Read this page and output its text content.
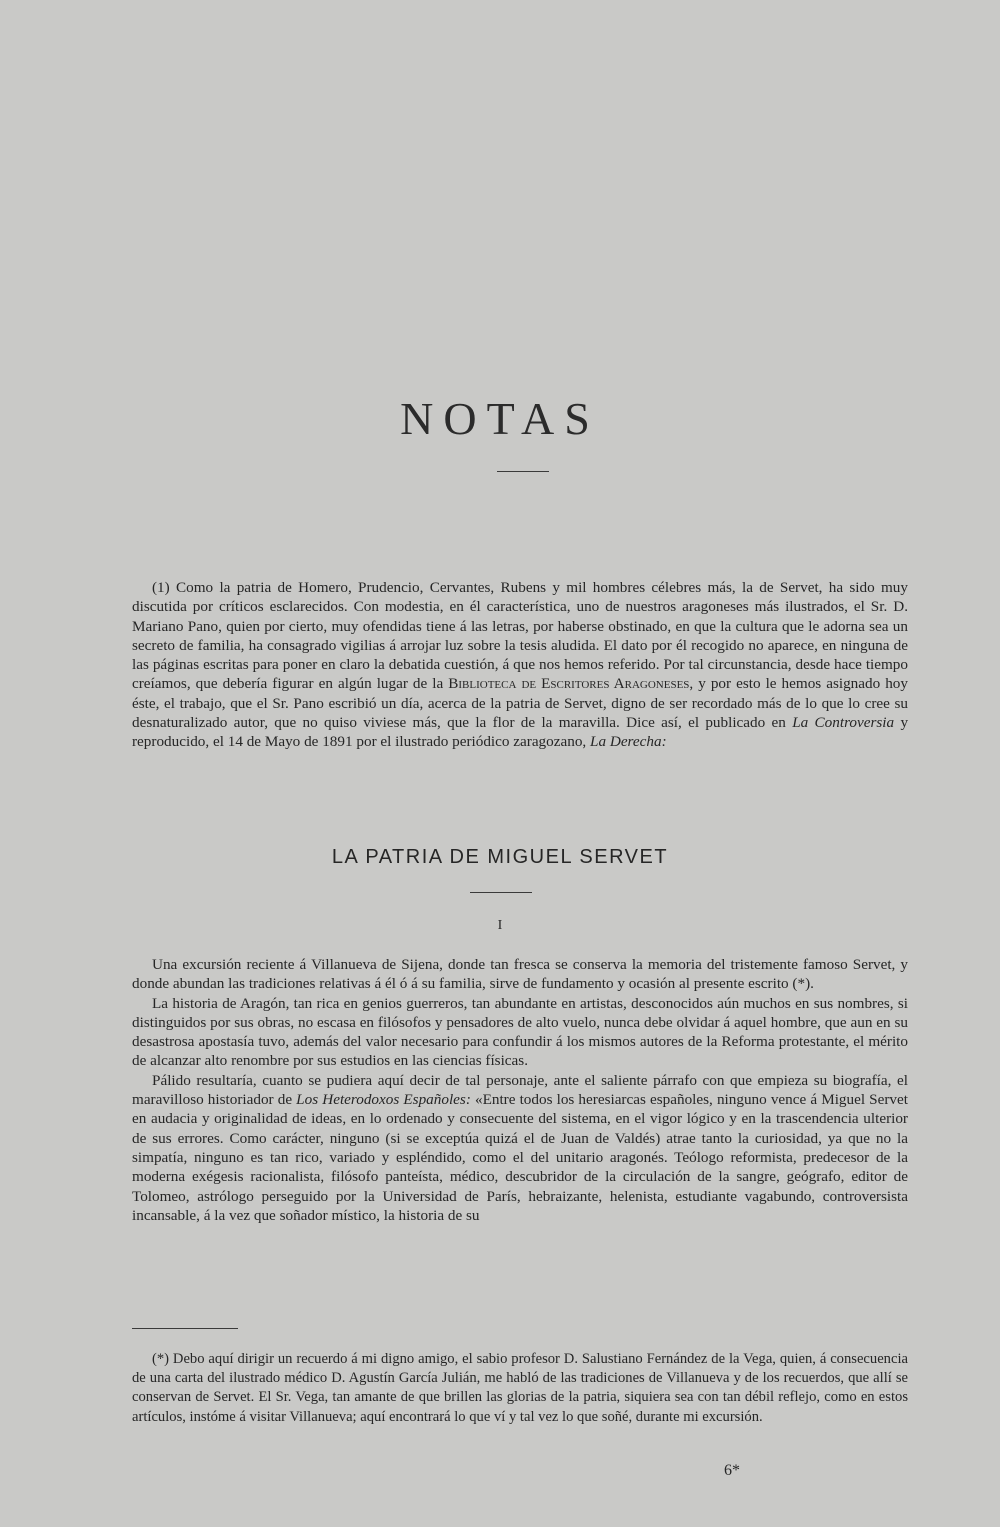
NOTAS

(1) Como la patria de Homero, Prudencio, Cervantes, Rubens y mil hombres célebres más, la de Servet, ha sido muy discutida por críticos esclarecidos. Con modestia, en él característica, uno de nuestros aragoneses más ilustrados, el Sr. D. Mariano Pano, quien por cierto, muy ofendidas tiene á las letras, por haberse obstinado, en que la cultura que le adorna sea un secreto de familia, ha consagrado vigilias á arrojar luz sobre la tesis aludida. El dato por él recogido no aparece, en ninguna de las páginas escritas para poner en claro la debatida cuestión, á que nos hemos referido. Por tal circunstancia, desde hace tiempo creíamos, que debería figurar en algún lugar de la Biblioteca de Escritores Aragoneses, y por esto le hemos asignado hoy éste, el trabajo, que el Sr. Pano escribió un día, acerca de la patria de Servet, digno de ser recordado más de lo que lo cree su desnaturalizado autor, que no quiso viviese más, que la flor de la maravilla. Dice así, el publicado en La Controversia y reproducido, el 14 de Mayo de 1891 por el ilustrado periódico zaragozano, La Derecha:

LA PATRIA DE MIGUEL SERVET
I

Una excursión reciente á Villanueva de Sijena, donde tan fresca se conserva la memoria del tristemente famoso Servet, y donde abundan las tradiciones relativas á él ó á su familia, sirve de fundamento y ocasión al presente escrito (*).

La historia de Aragón, tan rica en genios guerreros, tan abundante en artistas, desconocidos aún muchos en sus nombres, si distinguidos por sus obras, no escasa en filósofos y pensadores de alto vuelo, nunca debe olvidar á aquel hombre, que aun en su desastrosa apostasía tuvo, además del valor necesario para confundir á los mismos autores de la Reforma protestante, el mérito de alcanzar alto renombre por sus estudios en las ciencias físicas.

Pálido resultaría, cuanto se pudiera aquí decir de tal personaje, ante el saliente párrafo con que empieza su biografía, el maravilloso historiador de Los Heterodoxos Españoles: «Entre todos los heresiarcas españoles, ninguno vence á Miguel Servet en audacia y originalidad de ideas, en lo ordenado y consecuente del sistema, en el vigor lógico y en la trascendencia ulterior de sus errores. Como carácter, ninguno (si se exceptúa quizá el de Juan de Valdés) atrae tanto la curiosidad, ya que no la simpatía, ninguno es tan rico, variado y espléndido, como el del unitario aragonés. Teólogo reformista, predecesor de la moderna exégesis racionalista, filósofo panteísta, médico, descubridor de la circulación de la sangre, geógrafo, editor de Tolomeo, astrólogo perseguido por la Universidad de París, hebraizante, helenista, estudiante vagabundo, controversista incansable, á la vez que soñador místico, la historia de su

(*) Debo aquí dirigir un recuerdo á mi digno amigo, el sabio profesor D. Salustiano Fernández de la Vega, quien, á consecuencia de una carta del ilustrado médico D. Agustín García Julián, me habló de las tradiciones de Villanueva y de los recuerdos, que allí se conservan de Servet. El Sr. Vega, tan amante de que brillen las glorias de la patria, siquiera sea con tan débil reflejo, como en estos artículos, instóme á visitar Villanueva; aquí encontrará lo que ví y tal vez lo que soñé, durante mi excursión.

6*
